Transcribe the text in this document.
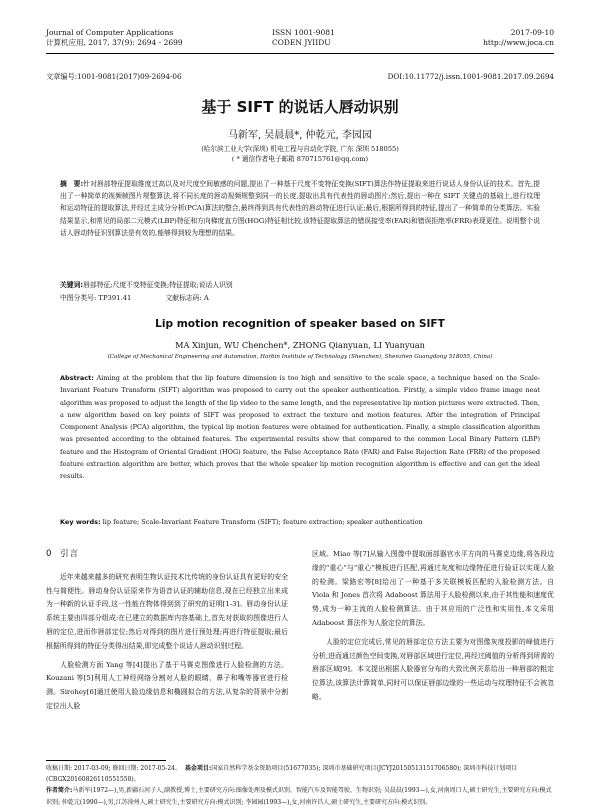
Journal of Computer Applications
计算机应用, 2017, 37(9): 2694 - 2699
ISSN 1001-9081
CODEN JYIIDU
2017-09-10
http://www.joca.cn
文章编号:1001-9081(2017)09-2694-06	DOI:10.11772/j.issn.1001-9081.2017.09.2694
基于 SIFT 的说话人唇动识别
马新军, 吴晨晨*, 仲乾元, 李园园
(哈尔滨工业大学(深圳) 机电工程与自动化学院, 广东 深圳 518055)
( * 通信作者电子邮箱 870715761@qq.com)
摘　要:针对唇部特征提取维度过高以及对尺度空间敏感的问题,提出了一种基于尺度不变特征变换(SIFT)算法作特征提取来进行说话人身份认证的技术。首先,提出了一种简单的视频帧图片规整算法,将不同长度的唇动视频规整到同一的长度,提取出具有代表性的唇动图片;然后,提出一种在 SIFT 关键点的基础上,进行纹理和运动特征的提取算法,并经过主成分分析(PCA)算法的整合,最终得到具有代表性的唇动特征进行认证;最后,根据所得到的特征,提出了一种简单的分类算法。实验结果显示,和常见的局部二元模式(LBP)特征和方向梯度直方图(HOG)特征相比较,该特征提取算法的错误接受率(FAR)和错误拒绝率(FRR)表现更佳。说明整个说话人唇动特征识别算法是有效的,能够得到较为理想的结果。
关键词:唇部特征;尺度不变特征变换;特征提取;说话人识别
中图分类号: TP391.41	文献标志码: A
Lip motion recognition of speaker based on SIFT
MA Xinjun, WU Chenchen*, ZHONG Qianyuan, LI Yuanyuan
(College of Mechanical Engineering and Automation, Harbin Institute of Technology (Shenzhen), Shenzhen Guangdong 518055, China)
Abstract: Aiming at the problem that the lip feature dimension is too high and sensitive to the scale space, a technique based on the Scale-Invariant Feature Transform (SIFT) algorithm was proposed to carry out the speaker authentication. Firstly, a simple video frame image neat algorithm was proposed to adjust the length of the lip video to the same length, and the representative lip motion pictures were extracted. Then, a new algorithm based on key points of SIFT was proposed to extract the texture and motion features. After the integration of Principal Component Analysis (PCA) algorithm, the typical lip motion features were obtained for authentication. Finally, a simple classification algorithm was presented according to the obtained features. The experimental results show that compared to the common Local Binary Pattern (LBP) feature and the Histogram of Oriental Gradient (HOG) feature, the False Acceptance Rate (FAR) and False Rejection Rate (FRR) of the proposed feature extraction algorithm are better, which proves that the whole speaker lip motion recognition algorithm is effective and can get the ideal results.
Key words: lip feature; Scale-Invariant Feature Transform (SIFT); feature extraction; speaker authentication
0 引言

近年来越来越多的研究表明生物认证技术比传统的身份认证具有更好的安全性与简便性。唇动身份认证原来作为语音认证的辅助信息,现在已经独立出来成为一种新的认证手段,这一性能在物体得到到了研究的证明[1-3]。唇动身份认证系统主要由四部分组成:在已建立的数据库内容基础上,首先对获取的图像进行人唇的定位,进而作唇部定位;然后对得到的图片进行预处理;再进行特征提取;最后根据所得到的特征分类得出结果,即完成整个说话人唇动识别过程。

人脸检测方面 Yang 等[4]提出了基于马赛克图像进行人脸检测的方法。Kouzani 等[5]利用人工神经网络分割对人脸的眼睛、鼻子和嘴等器官进行检测。Sirohey[6]通过使用人脸边缘信息和椭圆拟合的方法,从复杂的背景中分割定位出人脸

区域。Miao 等[7]从输入图像中提取面部器官水平方向的马赛克边缘,将各段边缘的"重心"与"重心"模板进行匹配,再通过灰度和边缘特征进行验证以实现人脸的检测。梁路宏等[8]给出了一种基于多关联模板匹配的人脸检测方法。自 Viola 和 Jones 首次将 Adaboost 算法用于人脸检测以来,由于其性能和速度优势,成为一种主流的人脸检测算法。由于其应用的广泛性和实用性,本文采用 Adaboost 算法作为人脸定位的算法。

人脸的定位完成后,常见的唇部定位方法主要为对图像灰度投影的峰值进行分析,进而通过颜色空间变换,对唇部区域进行定位,再经过阈值的分析得到所需的唇部区域[9]。本文提出根据人脸器官分布的大致比例关系给出一种唇部的粗定位算法,该算法计算简单,同时可以保证唇部边缘的一些运动与纹理特征不会被忽略。

收稿日期: 2017-03-09; 修回日期: 2017-05-24。 基金项目:国家自然科学基金资助项目(51677035); 深圳市基础研究项目(JCYJ20150513151706580); 深圳市科技计划项目(CBGX20160826110551550)。

作者简介:马新军(1972—),男,新疆石河子人,副教授,博士,主要研究方向:图像处理及模式识别、智能汽车及智能驾驶、生物识别; 吴晨晨(1993—),女,河南周口人,硕士研究生,主要研究方向:模式识别; 仲乾元(1990—),男,江苏徐州人,硕士研究生,主要研究方向:模式识别; 李园园(1993—),女,河南许昌人,硕士研究生,主要研究方向:模式识别。
